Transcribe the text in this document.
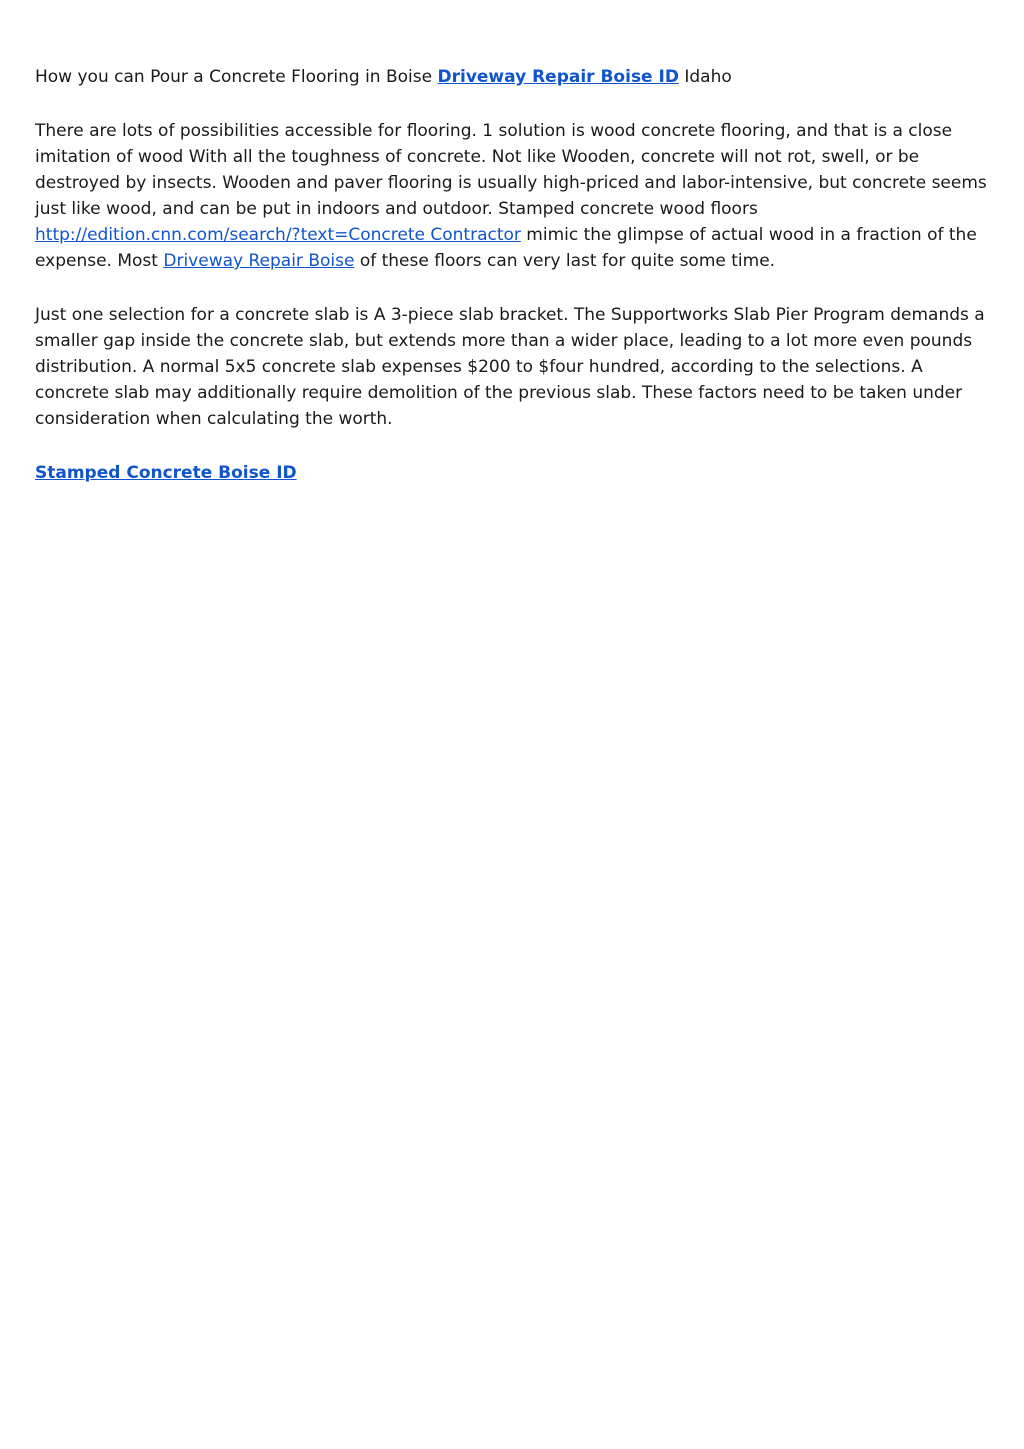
How you can Pour a Concrete Flooring in Boise Driveway Repair Boise ID Idaho

There are lots of possibilities accessible for flooring. 1 solution is wood concrete flooring, and that is a close imitation of wood With all the toughness of concrete. Not like Wooden, concrete will not rot, swell, or be destroyed by insects. Wooden and paver flooring is usually high-priced and labor-intensive, but concrete seems just like wood, and can be put in indoors and outdoor. Stamped concrete wood floors http://edition.cnn.com/search/?text=Concrete Contractor mimic the glimpse of actual wood in a fraction of the expense. Most Driveway Repair Boise of these floors can very last for quite some time.

Just one selection for a concrete slab is A 3-piece slab bracket. The Supportworks Slab Pier Program demands a smaller gap inside the concrete slab, but extends more than a wider place, leading to a lot more even pounds distribution. A normal 5x5 concrete slab expenses $200 to $four hundred, according to the selections. A concrete slab may additionally require demolition of the previous slab. These factors need to be taken under consideration when calculating the worth.

Stamped Concrete Boise ID
